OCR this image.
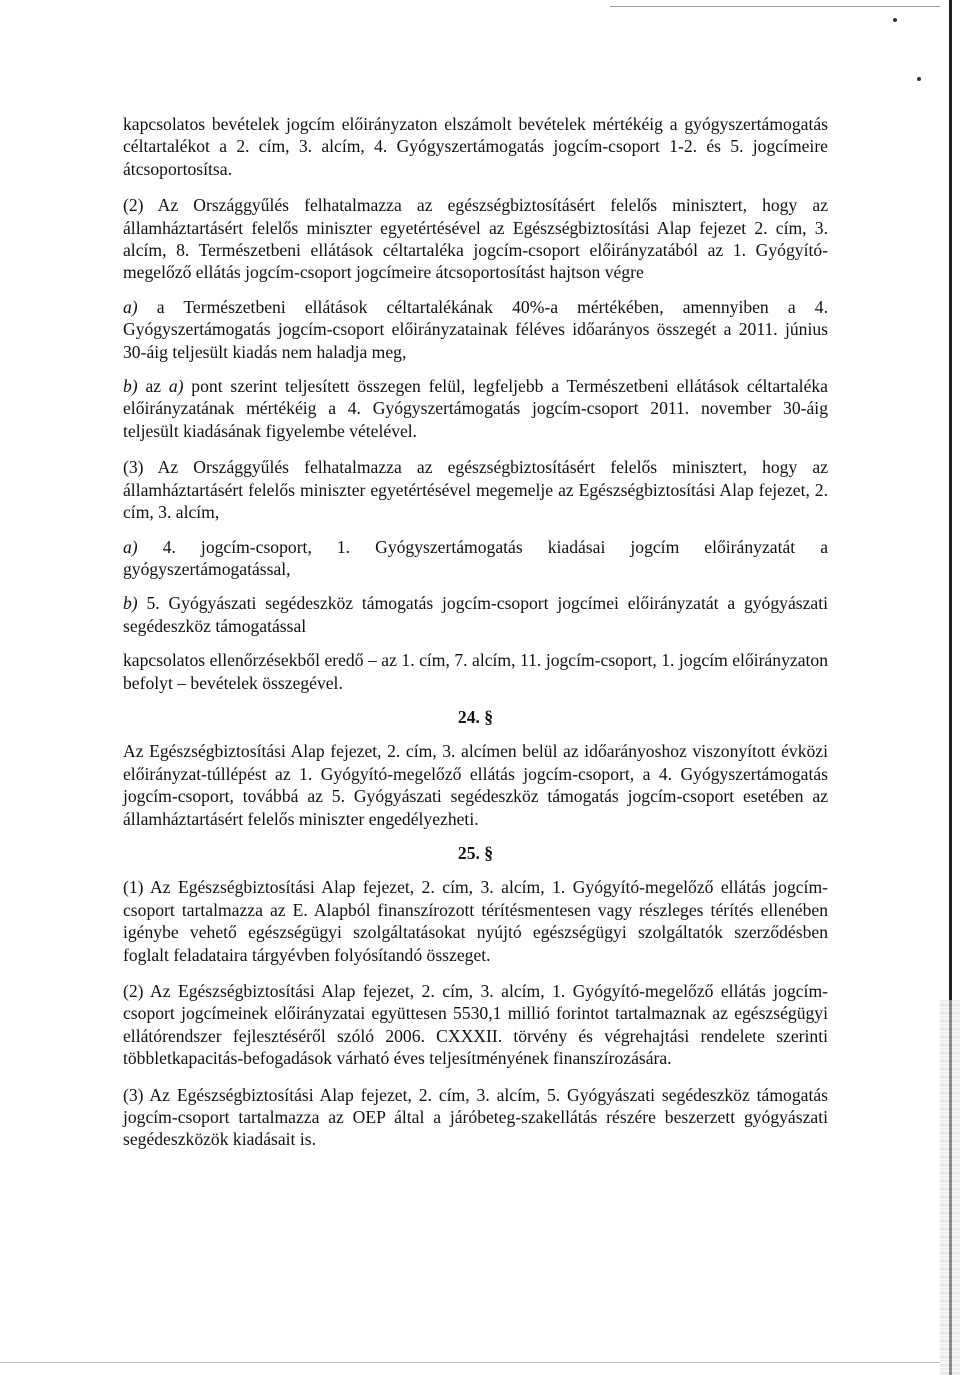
kapcsolatos bevételek jogcím előirányzaton elszámolt bevételek mértékéig a gyógyszertámogatás céltartalékot a 2. cím, 3. alcím, 4. Gyógyszertámogatás jogcím-csoport 1-2. és 5. jogcímeire átcsoportosítsa.

(2) Az Országgyűlés felhatalmazza az egészségbiztosításért felelős minisztert, hogy az államháztartásért felelős miniszter egyetértésével az Egészségbiztosítási Alap fejezet 2. cím, 3. alcím, 8. Természetbeni ellátások céltartaléka jogcím-csoport előirányzatából az 1. Gyógyító-megelőző ellátás jogcím-csoport jogcímeire átcsoportosítást hajtson végre

a) a Természetbeni ellátások céltartalékának 40%-a mértékében, amennyiben a 4. Gyógyszertámogatás jogcím-csoport előirányzatainak féléves időarányos összegét a 2011. június 30-áig teljesült kiadás nem haladja meg,

b) az a) pont szerint teljesített összegen felül, legfeljebb a Természetbeni ellátások céltartaléka előirányzatának mértékéig a 4. Gyógyszertámogatás jogcím-csoport 2011. november 30-áig teljesült kiadásának figyelembe vételével.

(3) Az Országgyűlés felhatalmazza az egészségbiztosításért felelős minisztert, hogy az államháztartásért felelős miniszter egyetértésével megemelje az Egészségbiztosítási Alap fejezet, 2. cím, 3. alcím,

a) 4. jogcím-csoport, 1. Gyógyszertámogatás kiadásai jogcím előirányzatát a gyógyszertámogatással,

b) 5. Gyógyászati segédeszköz támogatás jogcím-csoport jogcímei előirányzatát a gyógyászati segédeszköz támogatással

kapcsolatos ellenőrzésekből eredő – az 1. cím, 7. alcím, 11. jogcím-csoport, 1. jogcím előirányzaton befolyt – bevételek összegével.

24. §

Az Egészségbiztosítási Alap fejezet, 2. cím, 3. alcímen belül az időarányoshoz viszonyított évközi előirányzat-túllépést az 1. Gyógyító-megelőző ellátás jogcím-csoport, a 4. Gyógyszertámogatás jogcím-csoport, továbbá az 5. Gyógyászati segédeszköz támogatás jogcím-csoport esetében az államháztartásért felelős miniszter engedélyezheti.

25. §

(1) Az Egészségbiztosítási Alap fejezet, 2. cím, 3. alcím, 1. Gyógyító-megelőző ellátás jogcím-csoport tartalmazza az E. Alapból finanszírozott térítésmentesen vagy részleges térítés ellenében igénybe vehető egészségügyi szolgáltatásokat nyújtó egészségügyi szolgáltatók szerződésben foglalt feladataira tárgyévben folyósítandó összeget.

(2) Az Egészségbiztosítási Alap fejezet, 2. cím, 3. alcím, 1. Gyógyító-megelőző ellátás jogcím-csoport jogcímeinek előirányzatai együttesen 5530,1 millió forintot tartalmaznak az egészségügyi ellátórendszer fejlesztéséről szóló 2006. CXXXII. törvény és végrehajtási rendelete szerinti többletkapacitás-befogadások várható éves teljesítményének finanszírozására.

(3) Az Egészségbiztosítási Alap fejezet, 2. cím, 3. alcím, 5. Gyógyászati segédeszköz támogatás jogcím-csoport tartalmazza az OEP által a járóbeteg-szakellátás részére beszerzett gyógyászati segédeszközök kiadásait is.
